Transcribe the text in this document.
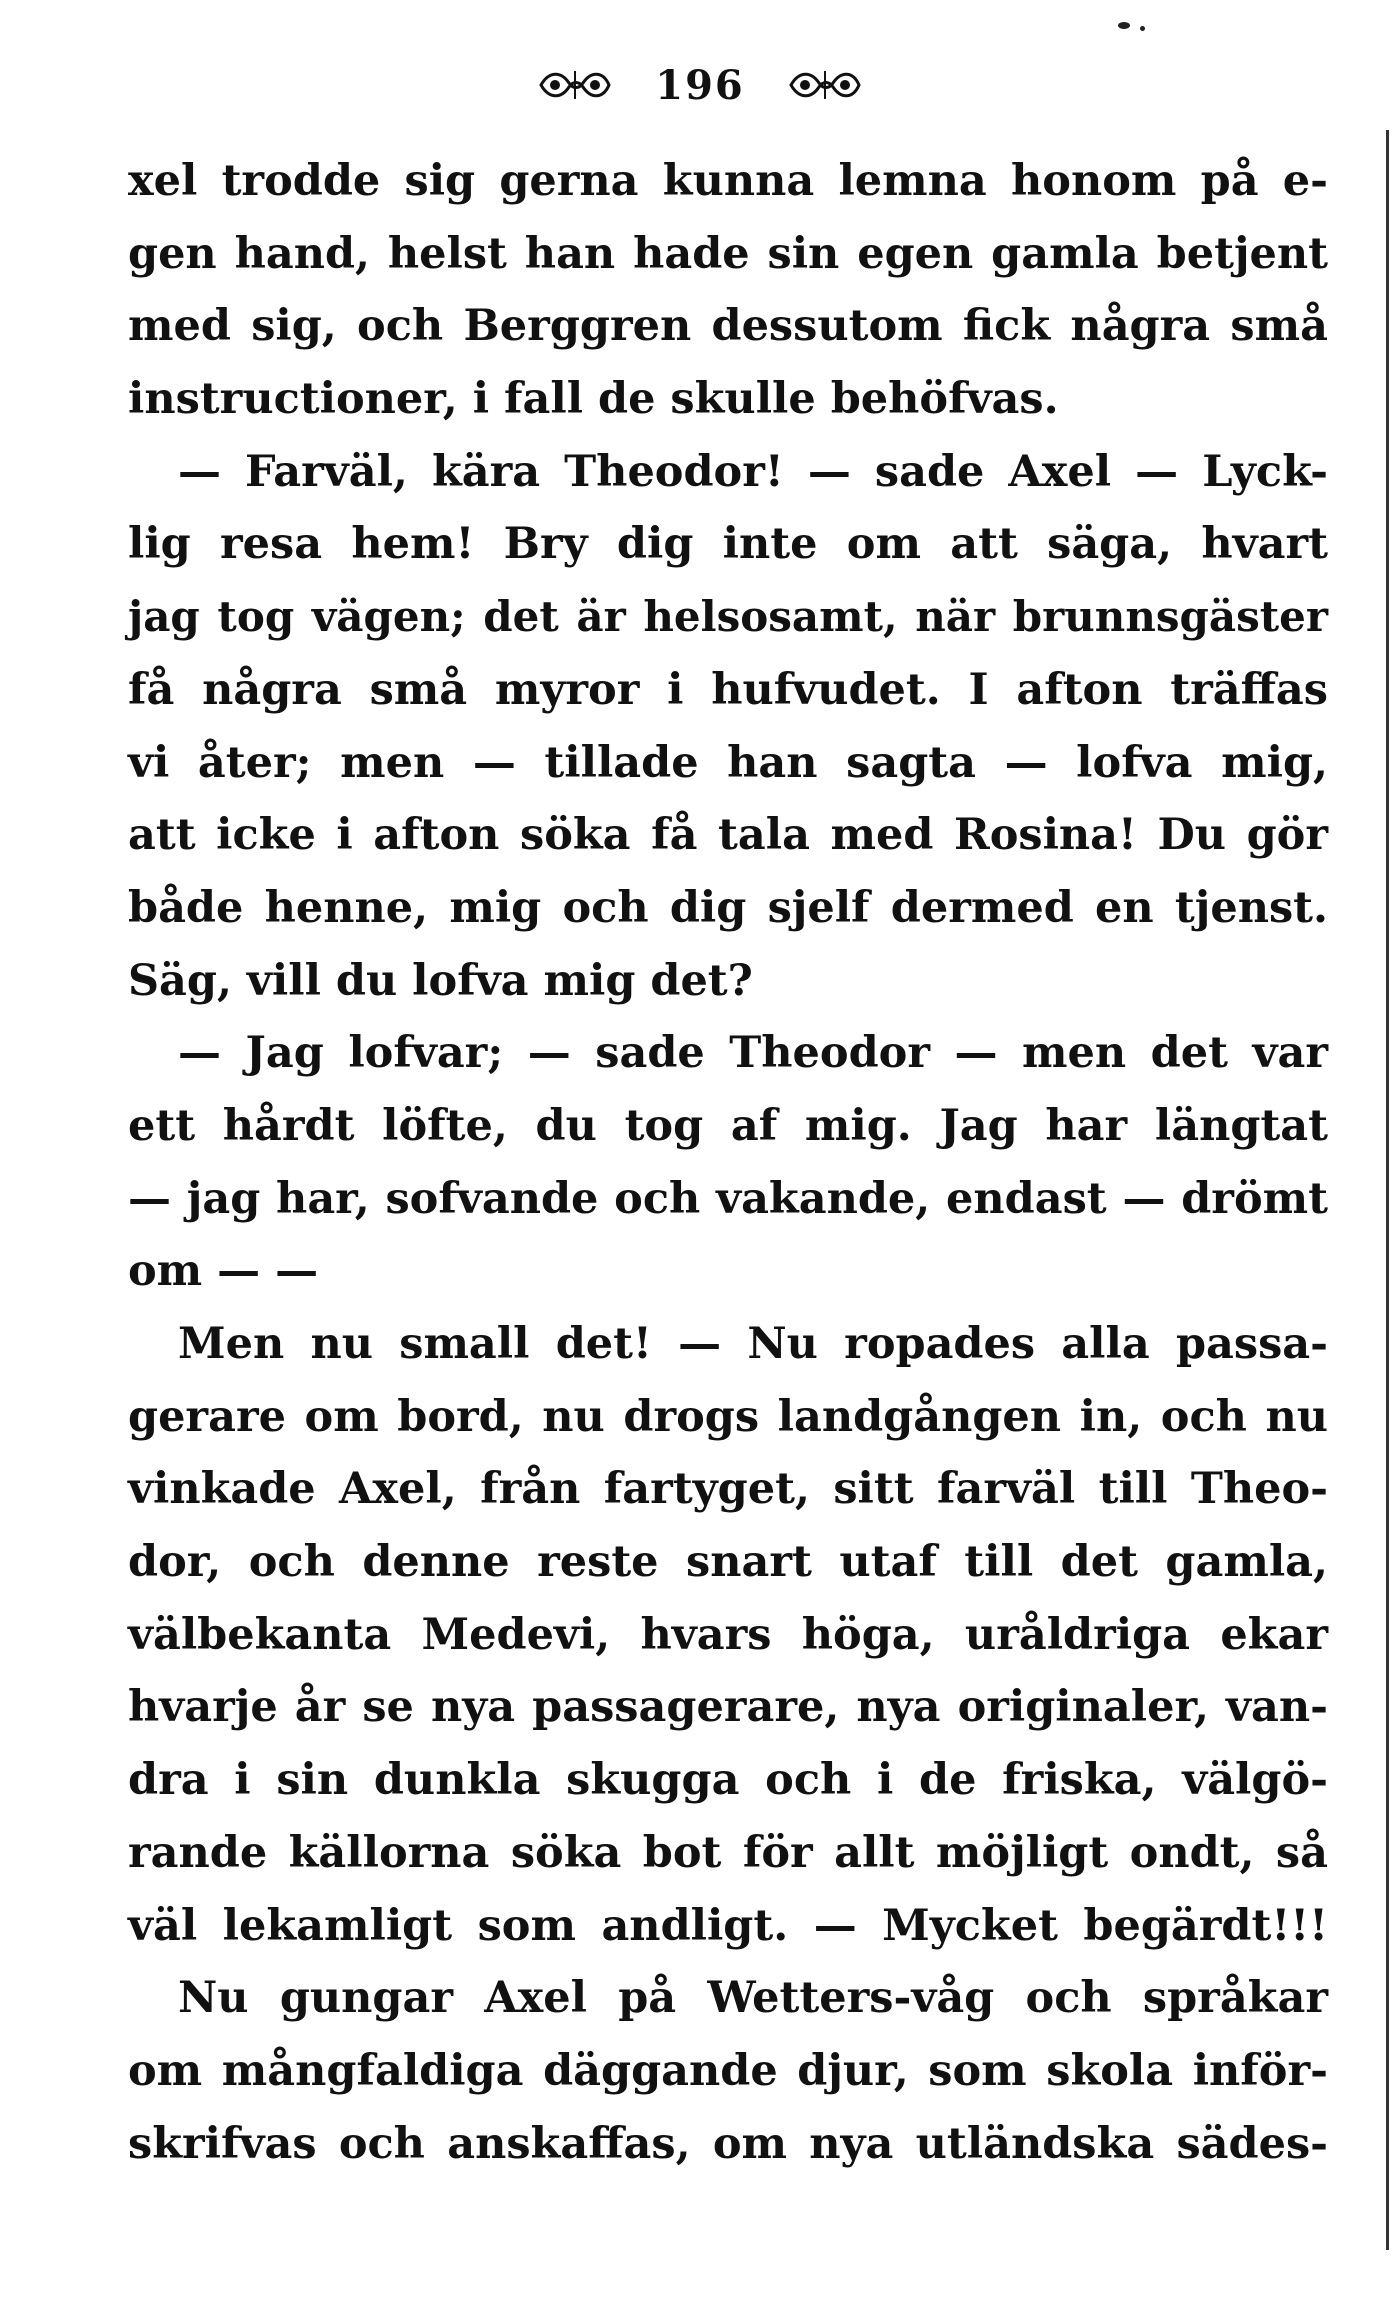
196
xel trodde sig gerna kunna lemna honom på e-
gen hand, helst han hade sin egen gamla betjent
med sig, och Berggren dessutom fick några små
instructioner, i fall de skulle behöfvas.
— Farväl, kära Theodor! — sade Axel — Lyck-
lig resa hem! Bry dig inte om att säga, hvart
jag tog vägen; det är helsosamt, när brunnsgäster
få några små myror i hufvudet. I afton träffas
vi åter; men — tillade han sagta — lofva mig,
att icke i afton söka få tala med Rosina! Du gör
både henne, mig och dig sjelf dermed en tjenst.
Säg, vill du lofva mig det?
— Jag lofvar; — sade Theodor — men det var
ett hårdt löfte, du tog af mig. Jag har längtat
— jag har, sofvande och vakande, endast — drömt
om — —
Men nu small det! — Nu ropades alla passa-
gerare om bord, nu drogs landgången in, och nu
vinkade Axel, från fartyget, sitt farväl till Theo-
dor, och denne reste snart utaf till det gamla,
välbekanta Medevi, hvars höga, uråldriga ekar
hvarje år se nya passagerare, nya originaler, van-
dra i sin dunkla skugga och i de friska, välgö-
rande källorna söka bot för allt möjligt ondt, så
väl lekamligt som andligt. — Mycket begärdt!!!
Nu gungar Axel på Wetters-våg och språkar
om mångfaldiga däggande djur, som skola inför-
skrifvas och anskaffas, om nya utländska sädes-
